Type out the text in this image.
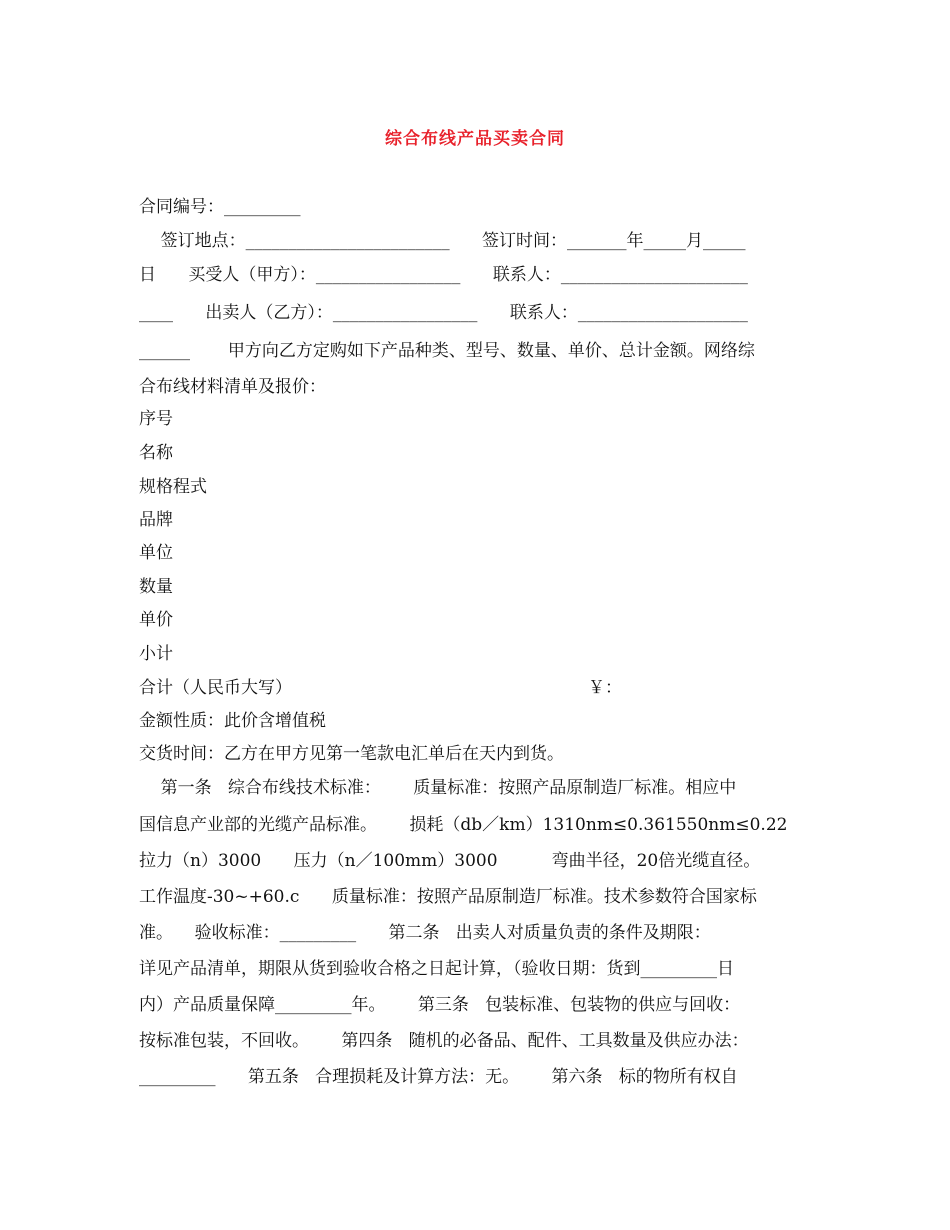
综合布线产品买卖合同
合同编号：_________
签订地点：________________________      签订时间：_______年_____月_____
日      买受人（甲方）：_________________      联系人：______________________
____      出卖人（乙方）：_________________      联系人：____________________
______       甲方向乙方定购如下产品种类、型号、数量、单价、总计金额。网络综
合布线材料清单及报价：
序号
名称
规格程式
品牌
单位
数量
单价
小计
合计（人民币大写）	￥：
金额性质：此价含增值税
交货时间：乙方在甲方见第一笔款电汇单后在天内到货。
第一条   综合布线技术标准：      质量标准：按照产品原制造厂标准。相应中
国信息产业部的光缆产品标准。      损耗（db／km）1310nm≤0.361550nm≤0.22
拉力（n）3000      压力（n／100mm）3000          弯曲半径，20倍光缆直径。
工作温度-30~+60.c      质量标准：按照产品原制造厂标准。技术参数符合国家标
准。    验收标准：_________      第二条   出卖人对质量负责的条件及期限：
详见产品清单，期限从货到验收合格之日起计算，（验收日期：货到_________日
内）产品质量保障_________年。      第三条   包装标准、包装物的供应与回收：
按标准包装，不回收。      第四条   随机的必备品、配件、工具数量及供应办法：
_________      第五条   合理损耗及计算方法：无。      第六条   标的物所有权自
